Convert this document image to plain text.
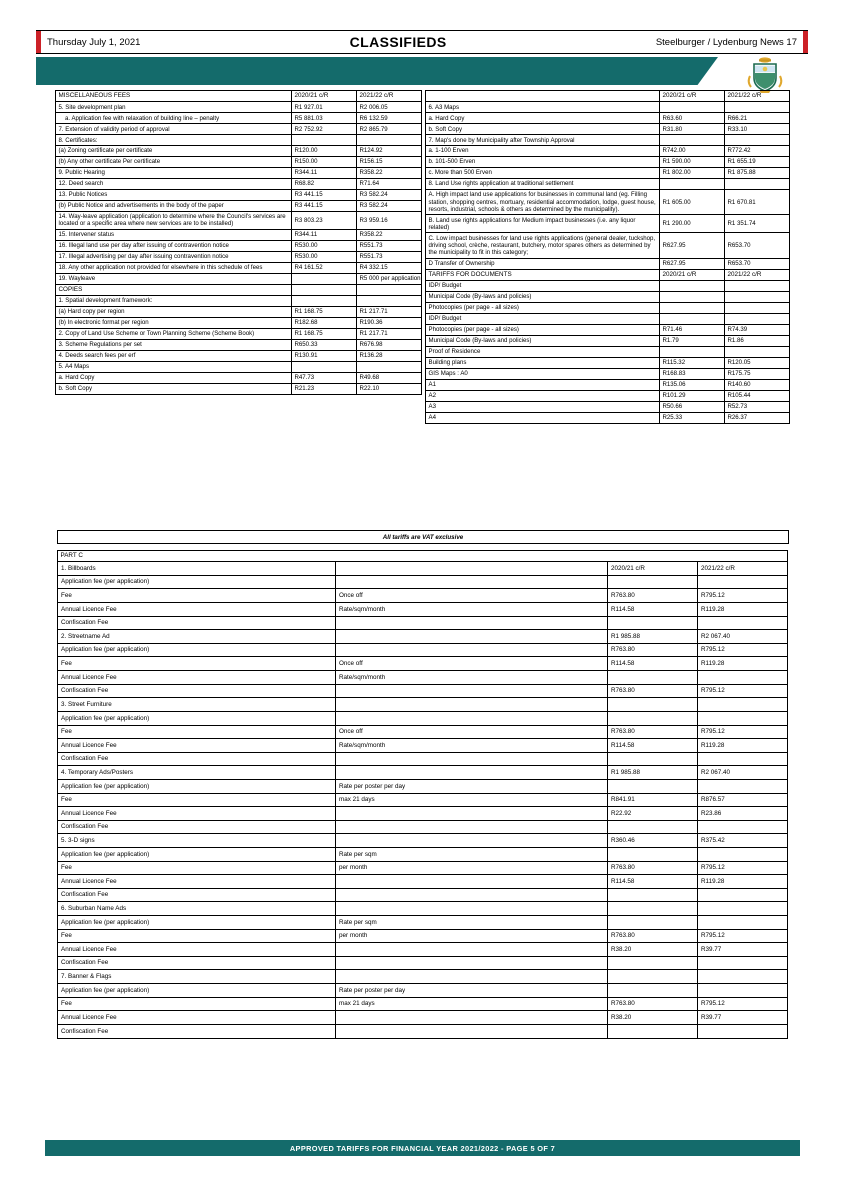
Thursday July 1, 2021	CLASSIFIEDS	Steelburger / Lydenburg News 17
MISCELLANEOUS FEES	2020/21 c/R	2021/22 c/R
5. Site development plan	R1 927.01	R2 006.05
a. Application fee with relaxation of building line – penalty	R5 881.03	R6 132.59
7. Extension of validity period of approval	R2 752.92	R2 865.79
8. Certificates:		
(a) Zoning certificate per certificate	R120.00	R124.92
(b) Any other certificate Per certificate	R150.00	R156.15
9. Public Hearing	R344.11	R358.22
12. Deed search	R68.82	R71.64
13. Public Notices	R3 441.15	R3 582.24
(b) Public Notice and advertisements in the body of the paper	R3 441.15	R3 582.24
14. Way-leave application (application to determine where the Council's services are located or a specific area where new services are to be installed)	R3 803.23	R3 959.16
15. Intervener status	R344.11	R358.22
16. Illegal land use per day after issuing of contravention notice	R530.00	R551.73
17. Illegal advertising per day after issuing contravention notice	R530.00	R551.73
18. Any other application not provided for elsewhere in this schedule of fees	R4 161.52	R4 332.15
19. Wayleave		R5 000 per application
COPIES		
1. Spatial development framework:		
(a) Hard copy per region	R1 168.75	R1 217.71
(b) In electronic format per region	R182.68	R190.36
2. Copy of Land Use Scheme or Town Planning Scheme (Scheme Book)	R1 168.75	R1 217.71
3. Scheme Regulations per set	R650.33	R676.98
4. Deeds search fees per erf	R130.91	R136.28
5. A4 Maps		
a. Hard Copy	R47.73	R49.68
b. Soft Copy	R21.23	R22.10
	2020/21 c/R	2021/22 c/R
6. A3 Maps		
a. Hard Copy	R63.60	R66.21
b. Soft Copy	R31.80	R33.10
7. Map's done by Municipality after Township Approval		
a. 1-100 Erven	R742.00	R772.42
b. 101-500 Erven	R1 590.00	R1 655.19
c. More than 500 Erven	R1 802.00	R1 875.88
8. Land Use rights application at traditional settlement		
A. High impact land use applications for businesses in communal land (eg. Filling station, shopping centres, mortuary, residential accommodation, lodge, guest house, resorts, industrial, schools & others as determined by the municipality).	R1 605.00	R1 670.81
B. Land use rights applications for Medium impact businesses (i.e. any liquor related)	R1 290.00	R1 351.74
C. Low impact businesses for land use rights applications (general dealer, tuckshop, driving school, crèche, restaurant, butchery, motor spares others as determined by the municipality to fit in this category;	R627.95	R653.70
D Transfer of Ownership	R627.95	R653.70
TARIFFS FOR DOCUMENTS	2020/21 c/R	2021/22 c/R
IDP/ Budget		
Municipal Code (By-laws and policies)		
Photocopies (per page - all sizes)		
IDP/ Budget		
Photocopies (per page - all sizes)	R71.46	R74.39
Municipal Code (By-laws and policies)	R1.79	R1.86
Proof of Residence		
Building plans	R115.32	R120.05
GIS Maps : A0	R168.83	R175.75
A1	R135.06	R140.60
A2	R101.29	R105.44
A3	R50.66	R52.73
A4	R25.33	R26.37
All tariffs are VAT exclusive
PART C			
1. Billboards		2020/21 c/R	2021/22 c/R
Application fee (per application)			
Fee	Once off	R763.80	R795.12
Annual Licence Fee	Rate/sqm/month	R114.58	R119.28
Confiscation Fee			
2. Streetname Ad		R1 985.88	R2 067.40
Application fee (per application)		R763.80	R795.12
Fee	Once off	R114.58	R119.28
Annual Licence Fee	Rate/sqm/month		
Confiscation Fee		R763.80	R795.12
3. Street Furniture			
Application fee (per application)			
Fee	Once off	R763.80	R795.12
Annual Licence Fee	Rate/sqm/month	R114.58	R119.28
Confiscation Fee			
4. Temporary Ads/Posters		R1 985.88	R2 067.40
Application fee (per application)	Rate per poster per day		
Fee	max 21 days	R841.91	R876.57
Annual Licence Fee		R22.92	R23.86
Confiscation Fee			
5. 3-D signs		R360.46	R375.42
Application fee (per application)	Rate per sqm		
Fee	per month	R763.80	R795.12
Annual Licence Fee		R114.58	R119.28
Confiscation Fee			
6. Suburban Name Ads			
Application fee (per application)	Rate per sqm		
Fee	per month	R763.80	R795.12
Annual Licence Fee		R38.20	R39.77
Confiscation Fee			
7. Banner & Flags			
Application fee (per application)	Rate per poster per day		
Fee	max 21 days	R763.80	R795.12
Annual Licence Fee		R38.20	R39.77
Confiscation Fee			
APPROVED TARIFFS FOR FINANCIAL YEAR 2021/2022 - PAGE 5 OF 7
